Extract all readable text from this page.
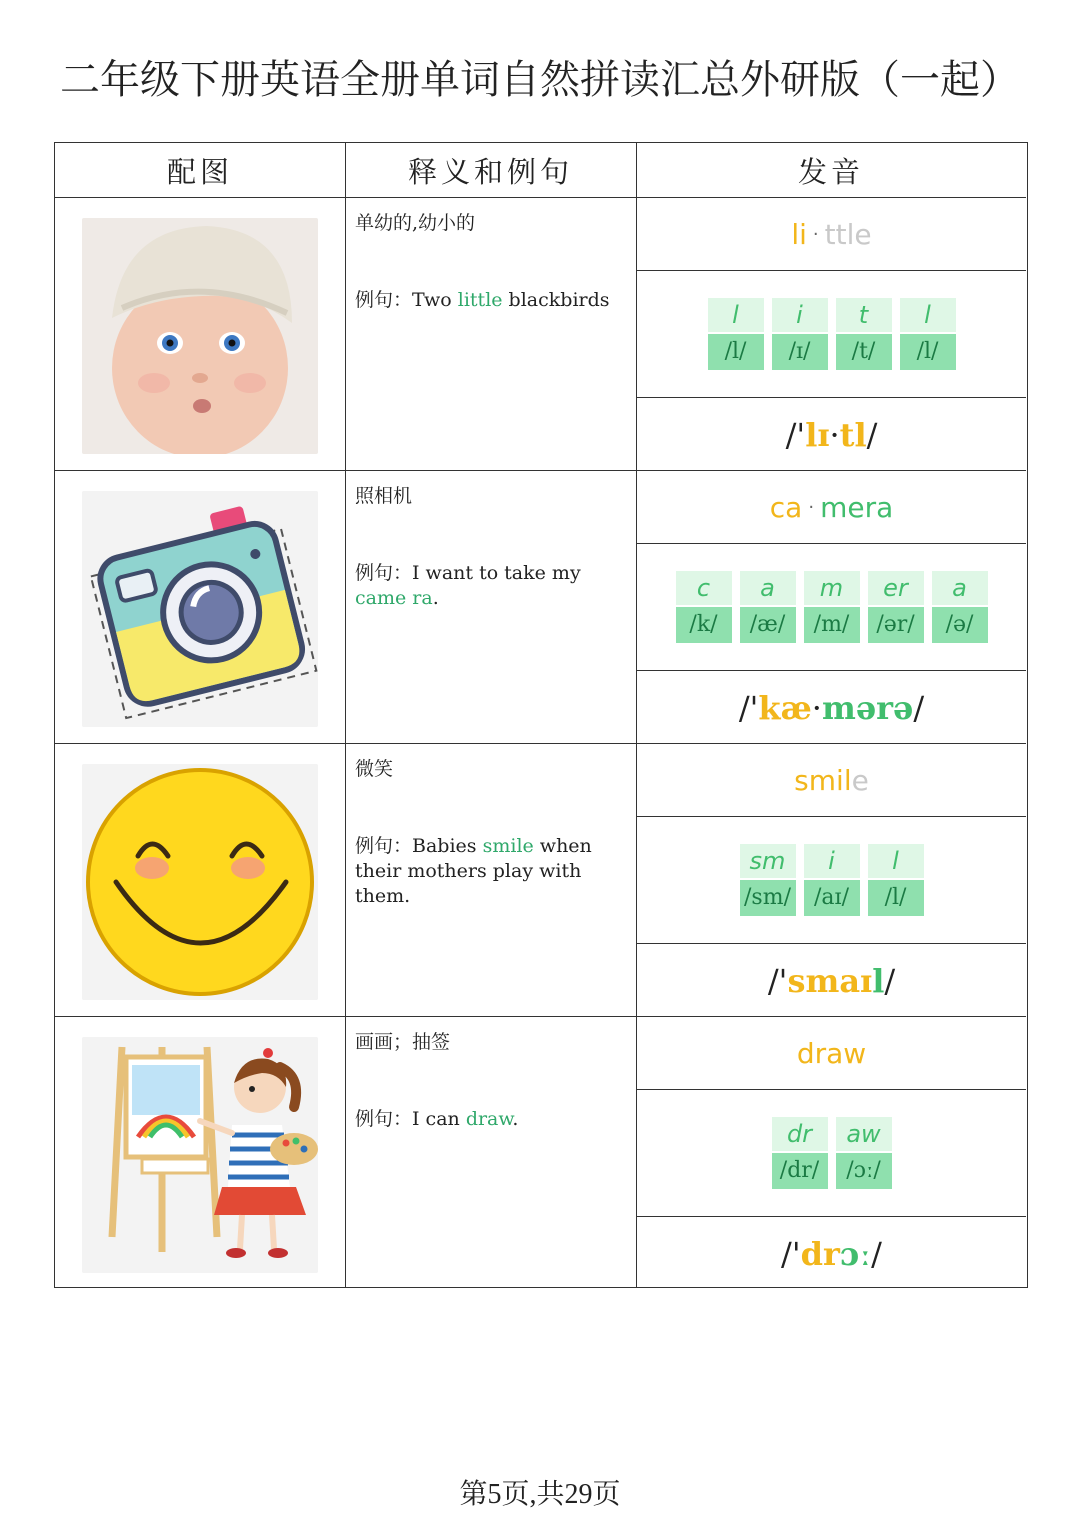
二年级下册英语全册单词自然拼读汇总外研版（一起）
配图	释义和例句	发音
单幼的,幼小的
例句：Two little blackbirds
li · ttle
l
/l/
i
/ɪ/
t
/t/
l
/l/
/' lɪ · tl /
照相机
例句：I want to take my came ra.
ca · mera
c
/k/
a
/æ/
m
/m/
er
/ər/
a
/ə/
/' kæ · mərə /
微笑
例句：Babies smile when their mothers play with them.
smil e
sm
/sm/
i
/aɪ/
l
/l/
/' smaɪ l /
画画；抽签
例句：I can draw.
draw
dr
/dr/
aw
/ɔː/
/' dr ɔː /
第5页,共29页
